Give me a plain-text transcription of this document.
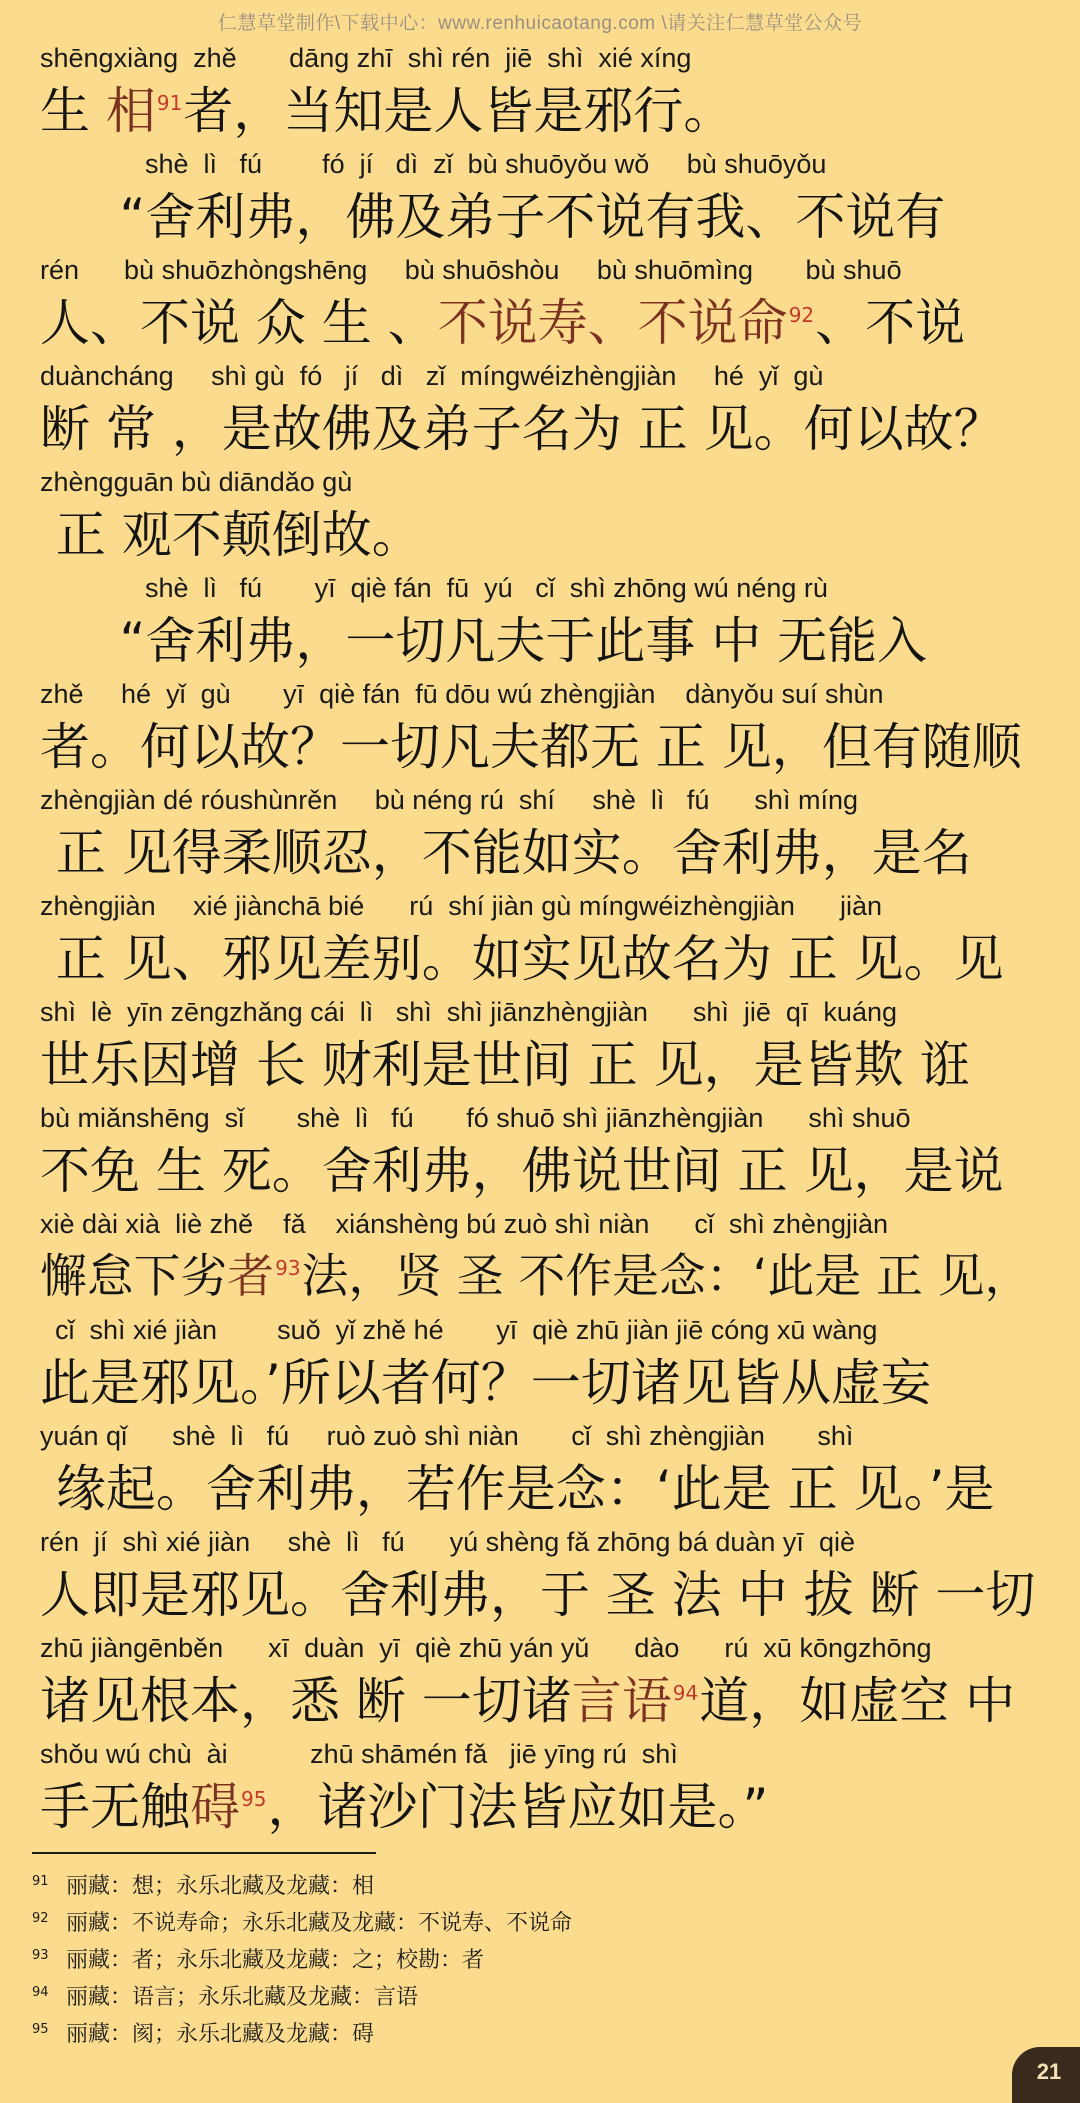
仁慧草堂制作\下载中心：www.renhuicaotang.com \请关注仁慧草堂公众号
shēngxiàng  zhě       dāng zhī  shì rén  jiē  shì  xié xíng
生 相$^{91}$者，当知是人皆是邪行。
shè  lì   fú        fó  jí   dì  zǐ  bù shuōyǒu wǒ     bù shuōyǒu
“舍利弗，佛及弟子不说有我、不说有
rén      bù shuōzhòngshēng     bù shuōshòu     bù shuōmìng       bù shuō
人、不说 众 生 、不说寿、不说命$^{92}$、不说
duànchánɡ     shì gù  fó   jí   dì   zǐ  míngwéizhèngjiàn     hé  yǐ  gù
断 常 ，是故佛及弟子名为 正 见。何以故？
zhèngguān bù diāndǎo gù
正 观不颠倒故。
shè  lì   fú       yī  qiè fán  fū  yú   cǐ  shì zhōng wú néng rù
“舍利弗，一切凡夫于此事 中 无能入
zhě     hé  yǐ  gù       yī  qiè fán  fū dōu wú zhèngjiàn    dànyǒu suí shùn
者。何以故？一切凡夫都无 正 见，但有随顺
zhèngjiàn dé róushùnrěn     bù néng rú  shí     shè  lì   fú      shì míng
正 见得柔顺忍，不能如实。舍利弗，是名
zhèngjiàn     xié jiànchā bié      rú  shí jiàn gù míngwéizhèngjiàn      jiàn
正 见、邪见差别。如实见故名为 正 见。见
shì  lè  yīn zēngzhǎng cái  lì   shì  shì jiānzhèngjiàn      shì  jiē  qī  kuáng
世乐因增 长 财利是世间 正 见，是皆欺 诳
bù miǎnshēng  sǐ       shè  lì   fú       fó shuō shì jiānzhèngjiàn      shì shuō
不免 生 死。舍利弗，佛说世间 正 见，是说
xiè dài xià  liè zhě    fǎ    xiánshèng bú zuò shì niàn      cǐ  shì zhèngjiàn
懈怠下劣者$^{93}$法，贤 圣 不作是念：‘此是 正 见，
cǐ  shì xié jiàn        suǒ  yǐ zhě hé       yī  qiè zhū jiàn jiē cóng xū wàng
此是邪见。’所以者何？一切诸见皆从虚妄
yuán qǐ      shè  lì   fú     ruò zuò shì niàn       cǐ  shì zhèngjiàn       shì
缘起。舍利弗，若作是念：‘此是 正 见。’是
rén  jí  shì xié jiàn     shè  lì   fú      yú shèng fǎ zhōng bá duàn yī  qiè
人即是邪见。舍利弗，于 圣 法 中 拔 断 一切
zhū jiàngēnběn      xī  duàn  yī  qiè zhū yán yǔ      dào      rú  xū kōngzhōng
诸见根本，悉 断 一切诸言语$^{94}$道，如虚空 中
shǒu wú chù  ài           zhū shāmén fǎ   jiē yīng rú  shì
手无触碍$^{95}$，诸沙门法皆应如是。”
91 丽藏：想；永乐北藏及龙藏：相
92 丽藏：不说寿命；永乐北藏及龙藏：不说寿、不说命
93 丽藏：者；永乐北藏及龙藏：之；校勘：者
94 丽藏：语言；永乐北藏及龙藏：言语
95 丽藏：阂；永乐北藏及龙藏：碍
21
